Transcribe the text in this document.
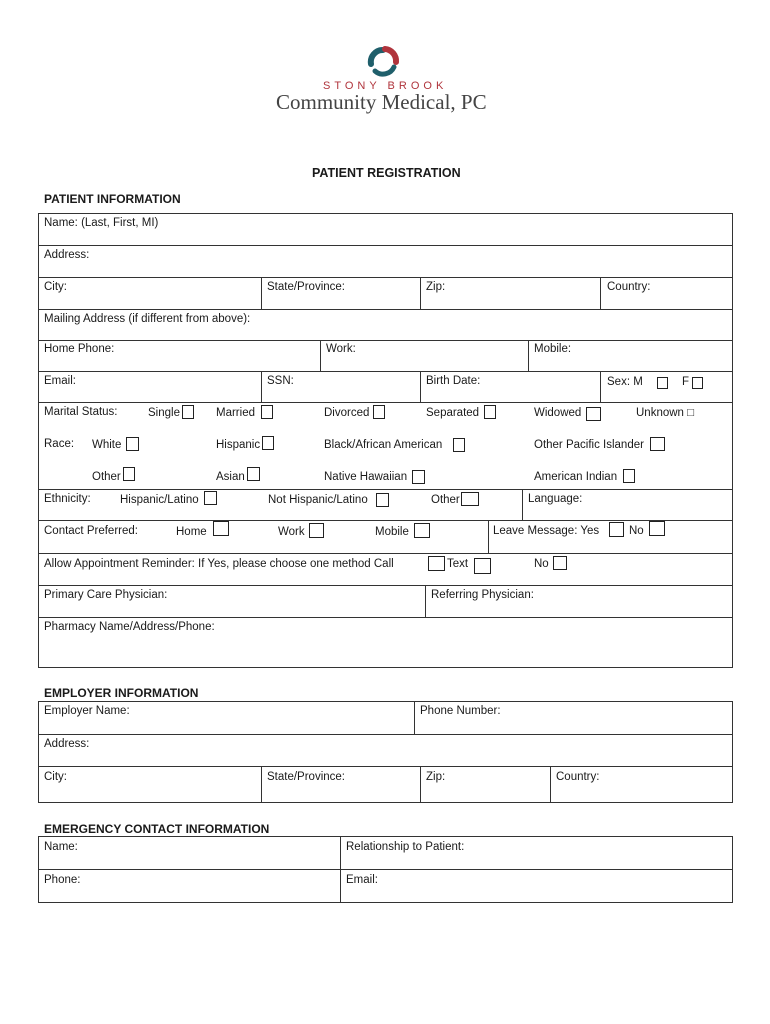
STONY BROOK
Community Medical, PC
PATIENT REGISTRATION
PATIENT INFORMATION
Name: (Last, First, MI)
Address:
City:	State/Province:	Zip:	Country:
Mailing Address (if different from above):
Home Phone:	Work:	Mobile:
Email:	SSN:	Birth Date:	Sex: M	F
Marital Status:	Single	Married	Divorced	Separated	Widowed	Unknown □
Race: White	Hispanic	Black/African American	Other Pacific Islander
Other	Asian	Native Hawaiian	American Indian
Ethnicity:	Hispanic/Latino	Not Hispanic/Latino	Other	Language:
Contact Preferred:	Home	Work	Mobile	Leave Message: Yes	No
Allow Appointment Reminder: If Yes, please choose one method Call	Text	No
Primary Care Physician:	Referring Physician:
Pharmacy Name/Address/Phone:
EMPLOYER INFORMATION
Employer Name:	Phone Number:
Address:
City:	State/Province:	Zip:	Country:
EMERGENCY CONTACT INFORMATION
Name:	Relationship to Patient:
Phone:	Email:
